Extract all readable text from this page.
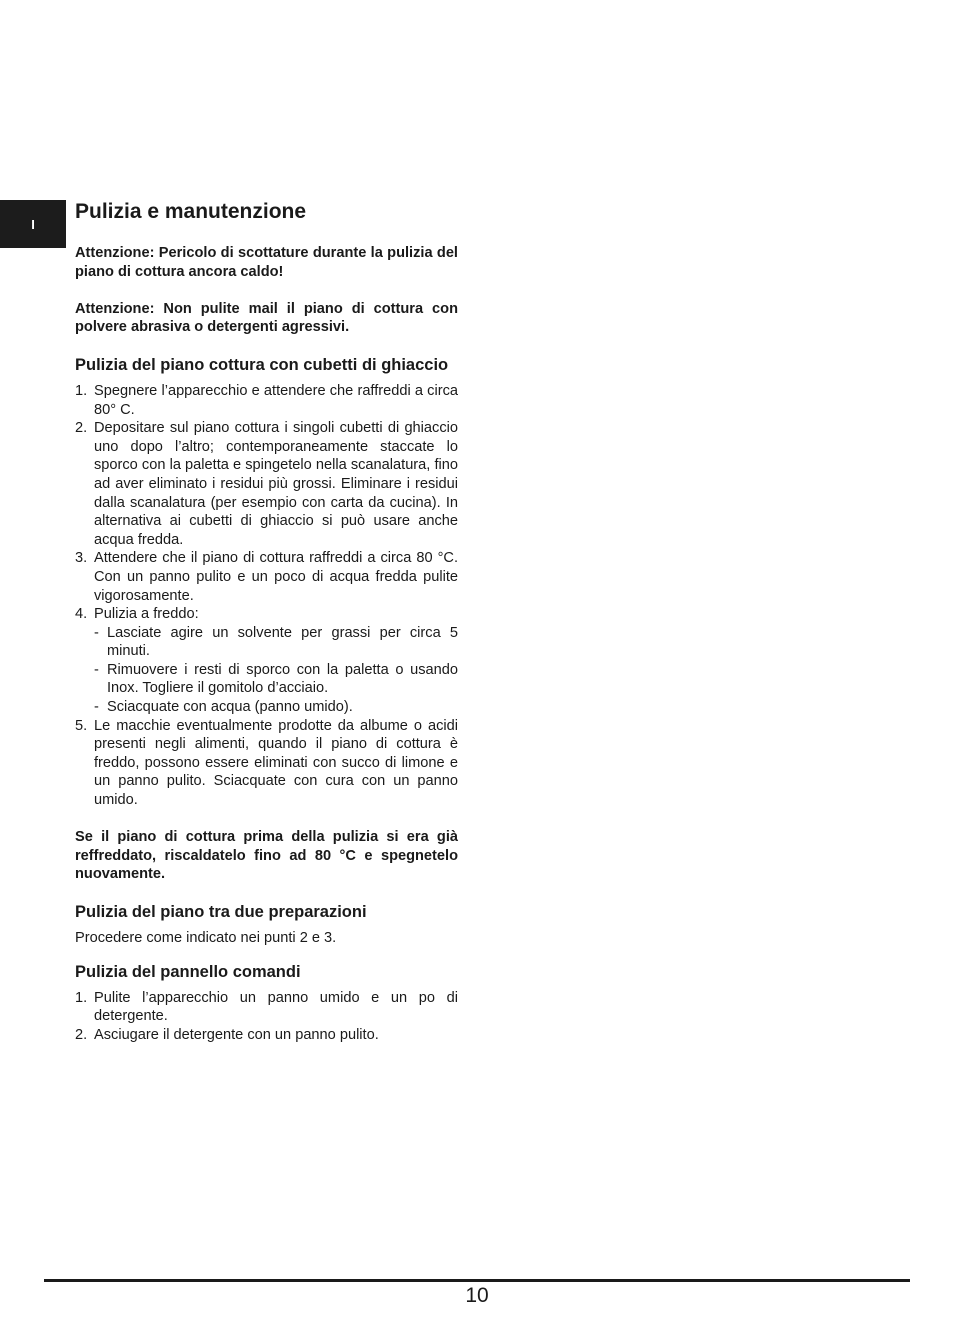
I
Pulizia e manutenzione

Attenzione: Pericolo di scottature durante la pulizia del piano di cottura ancora caldo!

Attenzione: Non pulite mail il piano di cottura con polvere abrasiva o detergenti agressivi.

Pulizia del piano cottura con cubetti di ghiaccio
1. Spegnere l’apparecchio e attendere che raffreddi a circa 80° C.
2. Depositare sul piano cottura i singoli cubetti di ghiaccio uno dopo l’altro; contemporaneamente staccate lo sporco con la paletta e spingetelo nella scanalatura, fino ad aver eliminato i residui più grossi. Eliminare i residui dalla scanalatura (per esempio con carta da cucina). In alternativa ai cubetti di ghiaccio si può usare anche acqua fredda.
3. Attendere che il piano di cottura raffreddi a circa 80 °C. Con un panno pulito e un poco di acqua fredda pulite vigorosamente.
4. Pulizia a freddo:
- Lasciate agire un solvente per grassi per circa 5 minuti.
- Rimuovere i resti di sporco con la paletta o usando Inox. Togliere il gomitolo d’acciaio.
- Sciacquate con acqua (panno umido).
5. Le macchie eventualmente prodotte da albume o acidi presenti negli alimenti, quando il piano di cottura è freddo, possono essere eliminati con succo di limone e un panno pulito. Sciacquate con cura con un panno umido.

Se il piano di cottura prima della pulizia si era già reffreddato, riscaldatelo fino ad 80 °C e spegnetelo nuovamente.

Pulizia del piano tra due preparazioni

Procedere come indicato nei punti 2 e 3.

Pulizia del pannello comandi
1. Pulite l’apparecchio un panno umido e un po di detergente.
2. Asciugare il detergente con un panno pulito.
10
